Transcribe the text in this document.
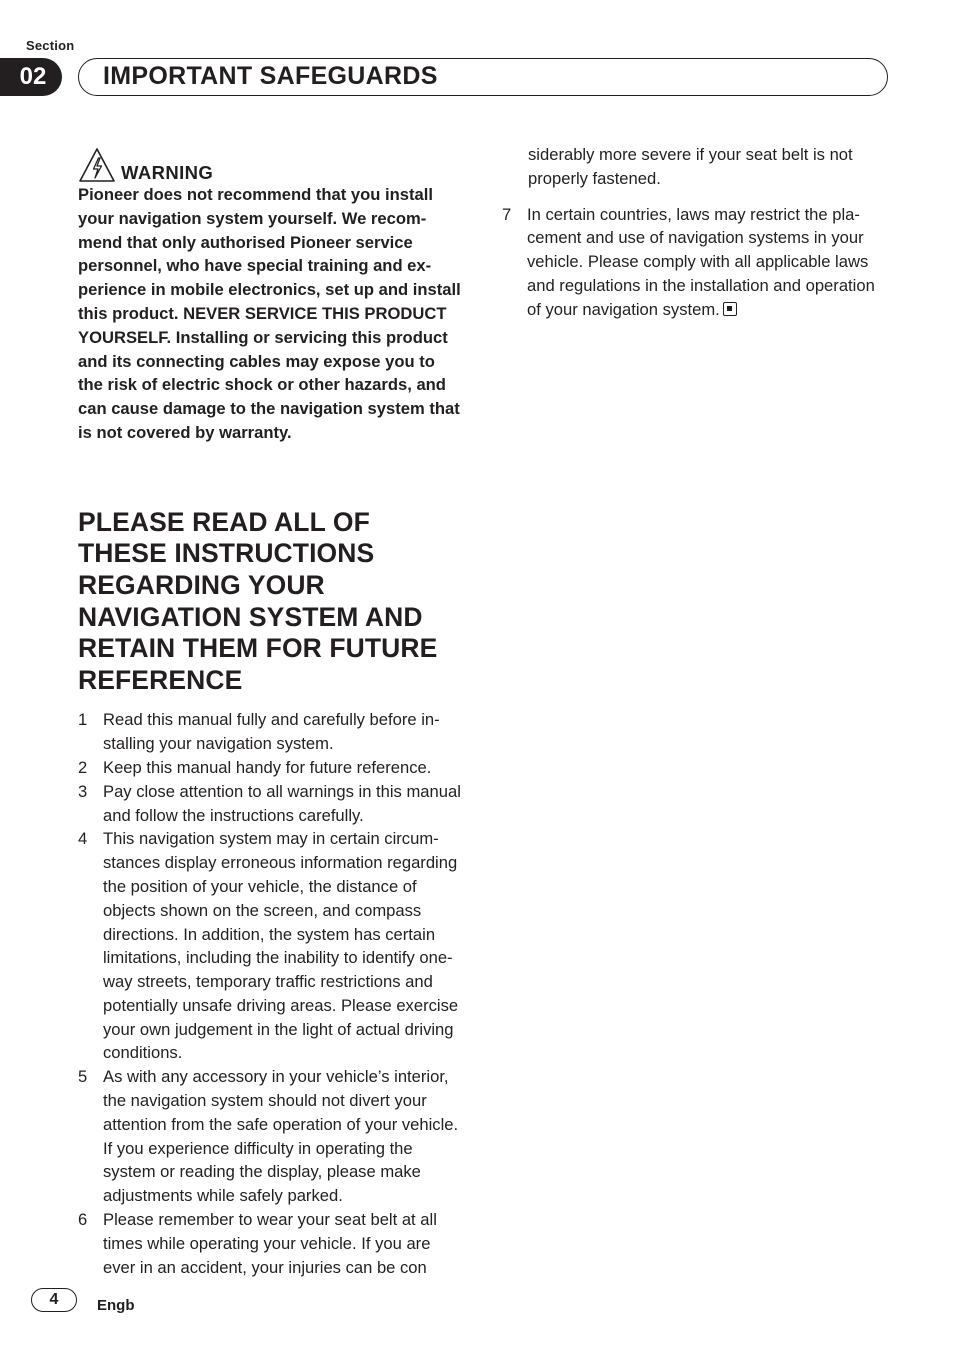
Section
02	IMPORTANT SAFEGUARDS
WARNING

Pioneer does not recommend that you install your navigation system yourself. We recommend that only authorised Pioneer service personnel, who have special training and experience in mobile electronics, set up and install this product. NEVER SERVICE THIS PRODUCT YOURSELF. Installing or servicing this product and its connecting cables may expose you to the risk of electric shock or other hazards, and can cause damage to the navigation system that is not covered by warranty.

PLEASE READ ALL OF THESE INSTRUCTIONS REGARDING YOUR NAVIGATION SYSTEM AND RETAIN THEM FOR FUTURE REFERENCE
1 Read this manual fully and carefully before installing your navigation system.
2 Keep this manual handy for future reference.
3 Pay close attention to all warnings in this manual and follow the instructions carefully.
4 This navigation system may in certain circumstances display erroneous information regarding the position of your vehicle, the distance of objects shown on the screen, and compass directions. In addition, the system has certain limitations, including the inability to identify one-way streets, temporary traffic restrictions and potentially unsafe driving areas. Please exercise your own judgement in the light of actual driving conditions.
5 As with any accessory in your vehicle’s interior, the navigation system should not divert your attention from the safe operation of your vehicle. If you experience difficulty in operating the system or reading the display, please make adjustments while safely parked.
6 Please remember to wear your seat belt at all times while operating your vehicle. If you are ever in an accident, your injuries can be con

siderably more severe if your seat belt is not properly fastened.

7 In certain countries, laws may restrict the placement and use of navigation systems in your vehicle. Please comply with all applicable laws and regulations in the installation and operation of your navigation system.
4	Engb
